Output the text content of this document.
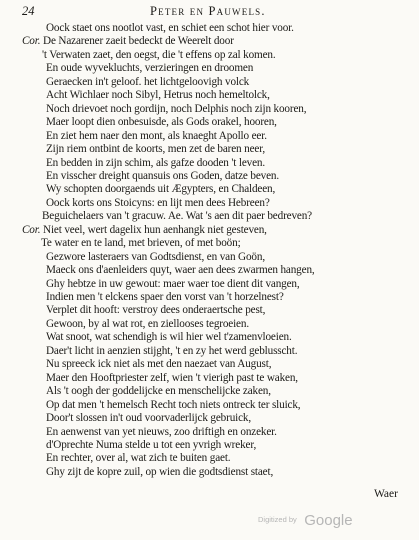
24	Peter en Pauwels.
Oock staet ons nootlot vast, en schiet een schot hier voor.
Cor. De Nazarener zaeit bedeckt de Weerelt door
't Verwaten zaet, den oegst, die 't effens op zal komen.
En oude wyvekluchts, verzieringen en droomen
Geraecken in't geloof. het lichtgeloovigh volck
Acht Wichlaer noch Sibyl, Hetrus noch hemeltolck,
Noch drievoet noch gordijn, noch Delphis noch zijn kooren,
Maer loopt dien onbesuisde, als Gods orakel, hooren,
En ziet hem naer den mont, als knaeght Apollo eer.
Zijn riem ontbint de koorts, men zet de baren neer,
En bedden in zijn schim, als gafze dooden 't leven.
En visscher dreight quansuis ons Goden, datze beven.
Wy schopten doorgaends uit Ægypters, en Chaldeen,
Oock korts ons Stoicyns: en lijt men dees Hebreen?
Beguichelaers van 't gracuw. Ae. Wat 's aen dit paer bedreven?
Cor. Niet veel, wert dagelix hun aenhangk niet gesteven,
Te water en te land, met brieven, of met boön;
Gezwore lasteraers van Godtsdienst, en van Goön,
Maeck ons d'aenleiders quyt, waer aen dees zwarmen hangen,
Ghy hebtze in uw gewout: maer waer toe dient dit vangen,
Indien men 't elckens spaer den vorst van 't horzelnest?
Verplet dit hooft: verstroy dees onderaertsche pest,
Gewoon, by al wat rot, en ziellooses tegroeien.
Wat snoot, wat schendigh is wil hier wel t'zamenvloeien.
Daer't licht in aenzien stijght, 't en zy het werd geblusscht.
Nu spreeck ick niet als met den naezaet van August,
Maer den Hooftpriester zelf, wien 't vierigh past te waken,
Als 't oogh der goddelijcke en menschelijcke zaken,
Op dat men 't hemelsch Recht toch niets ontreck ter sluick,
Door't slossen in't oud voorvaderlijck gebruick,
En aenwenst van yet nieuws, zoo driftigh en onzeker.
d'Oprechte Numa stelde u tot een yvrigh wreker,
En rechter, over al, wat zich te buiten gaet.
Ghy zijt de kopre zuil, op wien die godtsdienst staet,
Waer
Digitized by Google
